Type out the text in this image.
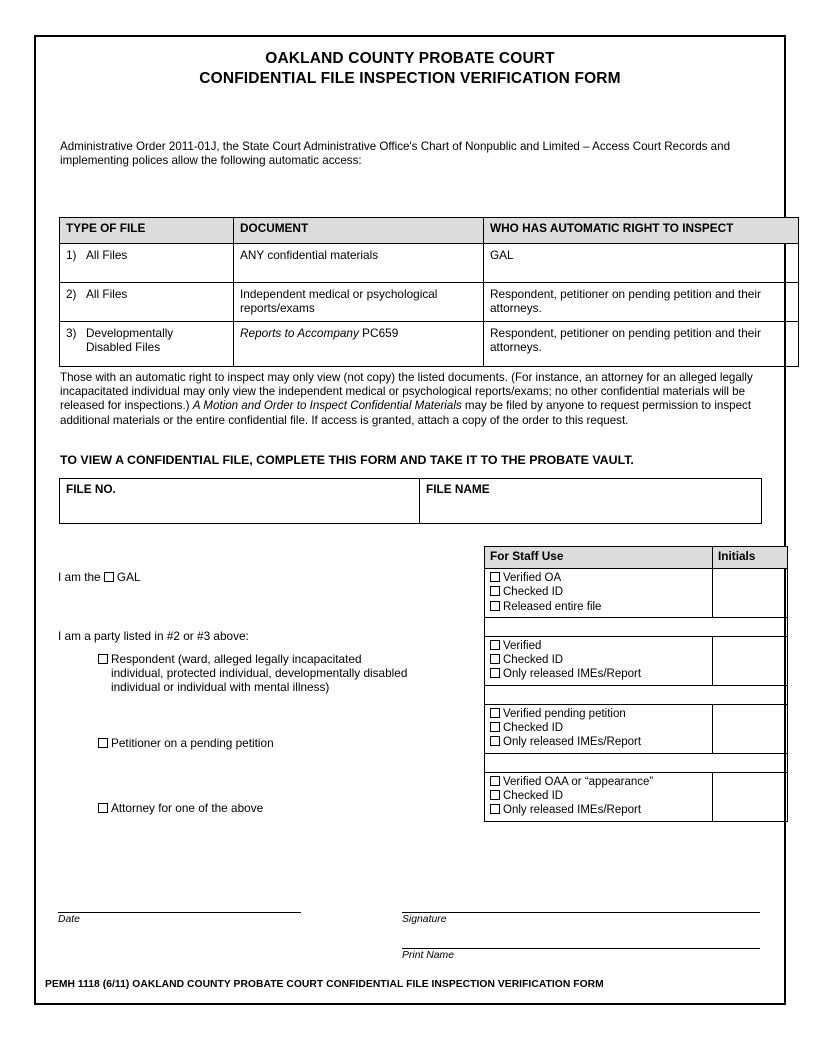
OAKLAND COUNTY PROBATE COURT
CONFIDENTIAL FILE INSPECTION VERIFICATION FORM
Administrative Order 2011-01J, the State Court Administrative Office's Chart of Nonpublic and Limited – Access Court Records and implementing polices allow the following automatic access:
TYPE OF FILE	DOCUMENT	WHO HAS AUTOMATIC RIGHT TO INSPECT
1) All Files	ANY confidential materials	GAL
2) All Files	Independent medical or psychological reports/exams	Respondent, petitioner on pending petition and their attorneys.
3) Developmentally Disabled Files	Reports to Accompany PC659	Respondent, petitioner on pending petition and their attorneys.

Those with an automatic right to inspect may only view (not copy) the listed documents. (For instance, an attorney for an alleged legally incapacitated individual may only view the independent medical or psychological reports/exams; no other confidential materials will be released for inspections.) A Motion and Order to Inspect Confidential Materials may be filed by anyone to request permission to inspect additional materials or the entire confidential file. If access is granted, attach a copy of the order to this request.

TO VIEW A CONFIDENTIAL FILE, COMPLETE THIS FORM AND TAKE IT TO THE PROBATE VAULT.
FILE NO.	FILE NAME
I am the GAL
I am a party listed in #2 or #3 above:
Respondent (ward, alleged legally incapacitated individual, protected individual, developmentally disabled individual or individual with mental illness)
Petitioner on a pending petition
Attorney for one of the above
For Staff Use	Initials

Verified OA
Checked ID
Released entire file	

Verified
Checked ID
Only released IMEs/Report	

Verified pending petition
Checked ID
Only released IMEs/Report	

Verified OAA or “appearance”
Checked ID
Only released IMEs/Report	

Date	Signature
Print Name
PEMH 1118 (6/11) OAKLAND COUNTY PROBATE COURT CONFIDENTIAL FILE INSPECTION VERIFICATION FORM
